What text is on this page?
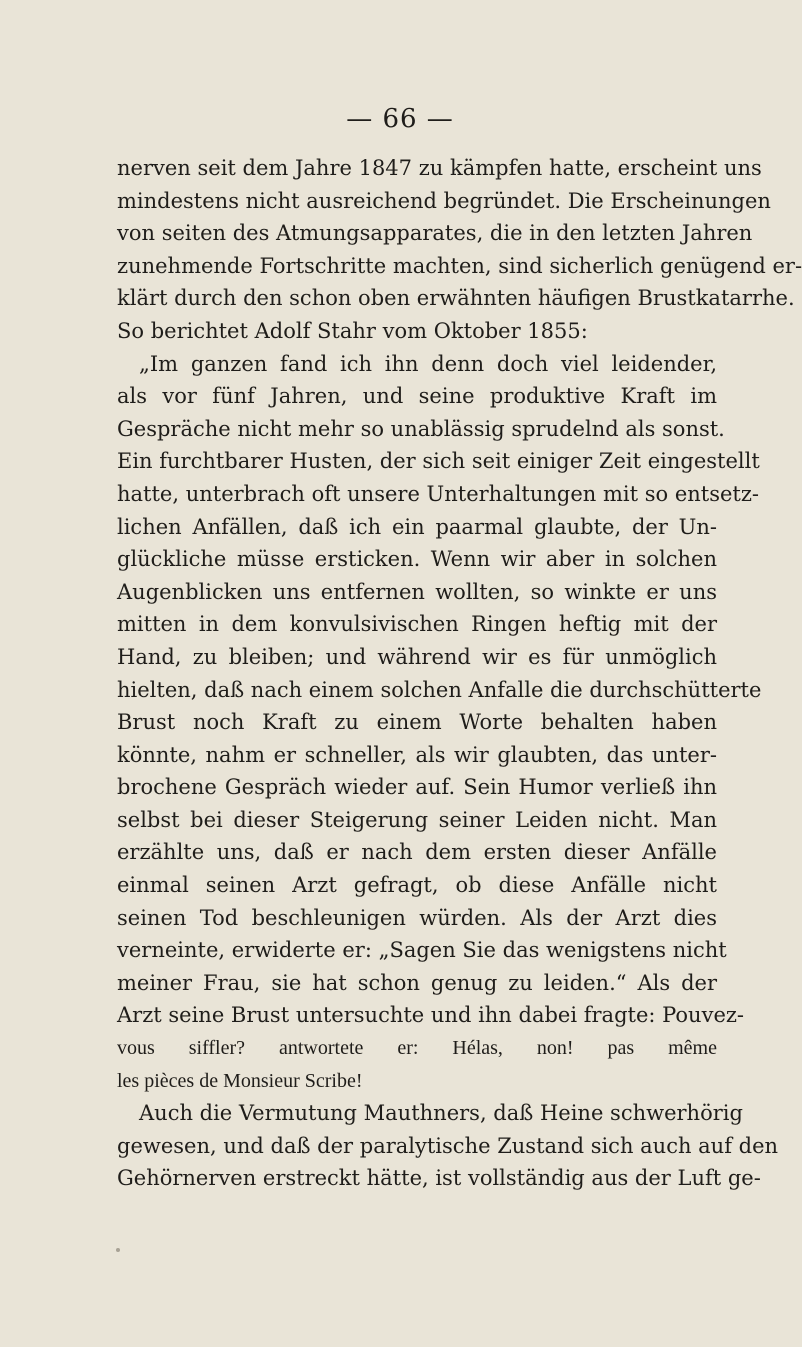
— 66 —
nerven seit dem Jahre 1847 zu kämpfen hatte, erscheint uns
mindestens nicht ausreichend begründet. Die Erscheinungen
von seiten des Atmungsapparates, die in den letzten Jahren
zunehmende Fortschritte machten, sind sicherlich genügend er-
klärt durch den schon oben erwähnten häufigen Brustkatarrhe.
So berichtet Adolf Stahr vom Oktober 1855:
„Im ganzen fand ich ihn denn doch viel leidender,
als vor fünf Jahren, und seine produktive Kraft im
Gespräche nicht mehr so unablässig sprudelnd als sonst.
Ein furchtbarer Husten, der sich seit einiger Zeit eingestellt
hatte, unterbrach oft unsere Unterhaltungen mit so entsetz-
lichen Anfällen, daß ich ein paarmal glaubte, der Un-
glückliche müsse ersticken. Wenn wir aber in solchen
Augenblicken uns entfernen wollten, so winkte er uns
mitten in dem konvulsivischen Ringen heftig mit der
Hand, zu bleiben; und während wir es für unmöglich
hielten, daß nach einem solchen Anfalle die durchschütterte
Brust noch Kraft zu einem Worte behalten haben
könnte, nahm er schneller, als wir glaubten, das unter-
brochene Gespräch wieder auf. Sein Humor verließ ihn
selbst bei dieser Steigerung seiner Leiden nicht. Man
erzählte uns, daß er nach dem ersten dieser Anfälle
einmal seinen Arzt gefragt, ob diese Anfälle nicht
seinen Tod beschleunigen würden. Als der Arzt dies
verneinte, erwiderte er: „Sagen Sie das wenigstens nicht
meiner Frau, sie hat schon genug zu leiden.“ Als der
Arzt seine Brust untersuchte und ihn dabei fragte: Pouvez-
vous siffler? antwortete er: Hélas, non! pas même
les pièces de Monsieur Scribe!
Auch die Vermutung Mauthners, daß Heine schwerhörig
gewesen, und daß der paralytische Zustand sich auch auf den
Gehörnerven erstreckt hätte, ist vollständig aus der Luft ge-
